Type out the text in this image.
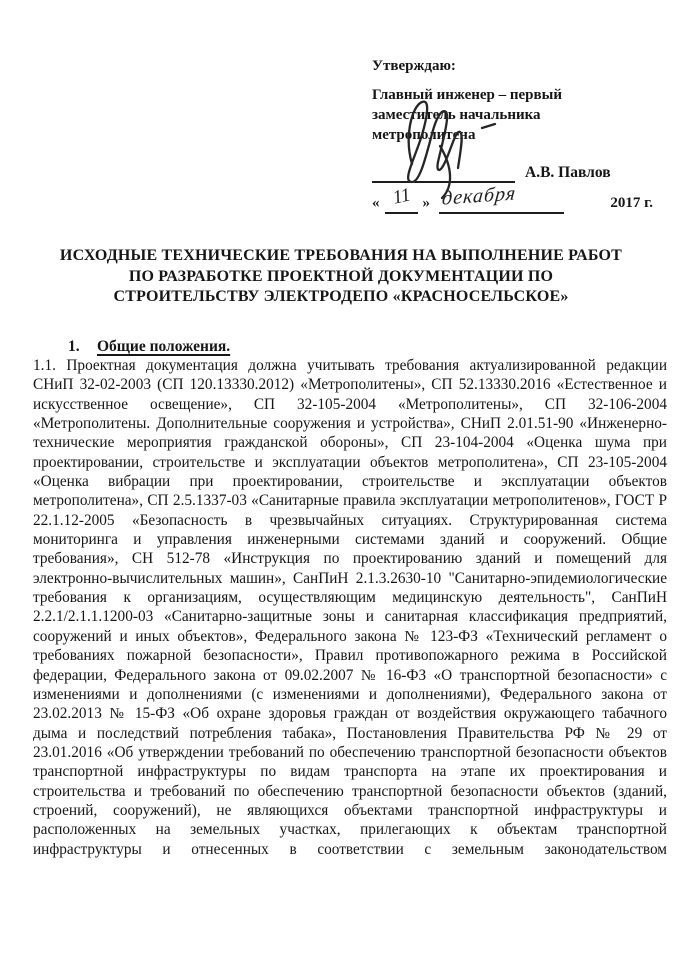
Утверждаю:
Главный инженер – первый
заместитель начальника
метрополитена
А.В. Павлов
« 11 » декабря	2017 г.
ИСХОДНЫЕ ТЕХНИЧЕСКИЕ ТРЕБОВАНИЯ НА ВЫПОЛНЕНИЕ РАБОТ
ПО РАЗРАБОТКЕ ПРОЕКТНОЙ ДОКУМЕНТАЦИИ ПО
СТРОИТЕЛЬСТВУ ЭЛЕКТРОДЕПО «КРАСНОСЕЛЬСКОЕ»
1. Общие положения.
1.1. Проектная документация должна учитывать требования актуализированной редакции СНиП 32-02-2003 (СП 120.13330.2012) «Метрополитены», СП 52.13330.2016 «Естественное и искусственное освещение», СП 32-105-2004 «Метрополитены», СП 32-106-2004 «Метрополитены. Дополнительные сооружения и устройства», СНиП 2.01.51-90 «Инженерно-технические мероприятия гражданской обороны», СП 23-104-2004 «Оценка шума при проектировании, строительстве и эксплуатации объектов метрополитена», СП 23-105-2004 «Оценка вибрации при проектировании, строительстве и эксплуатации объектов метрополитена», СП 2.5.1337-03 «Санитарные правила эксплуатации метрополитенов», ГОСТ Р 22.1.12-2005 «Безопасность в чрезвычайных ситуациях. Структурированная система мониторинга и управления инженерными системами зданий и сооружений. Общие требования», СН 512-78 «Инструкция по проектированию зданий и помещений для электронно-вычислительных машин», СанПиН 2.1.3.2630-10 "Санитарно-эпидемиологические требования к организациям, осуществляющим медицинскую деятельность", СанПиН 2.2.1/2.1.1.1200-03 «Санитарно-защитные зоны и санитарная классификация предприятий, сооружений и иных объектов», Федерального закона № 123-ФЗ «Технический регламент о требованиях пожарной безопасности», Правил противопожарного режима в Российской федерации, Федерального закона от 09.02.2007 № 16-ФЗ «О транспортной безопасности» с изменениями и дополнениями (с изменениями и дополнениями), Федерального закона от 23.02.2013 № 15-ФЗ «Об охране здоровья граждан от воздействия окружающего табачного дыма и последствий потребления табака», Постановления Правительства РФ № 29 от 23.01.2016 «Об утверждении требований по обеспечению транспортной безопасности объектов транспортной инфраструктуры по видам транспорта на этапе их проектирования и строительства и требований по обеспечению транспортной безопасности объектов (зданий, строений, сооружений), не являющихся объектами транспортной инфраструктуры и расположенных на земельных участках, прилегающих к объектам транспортной инфраструктуры и отнесенных в соответствии с земельным законодательством
